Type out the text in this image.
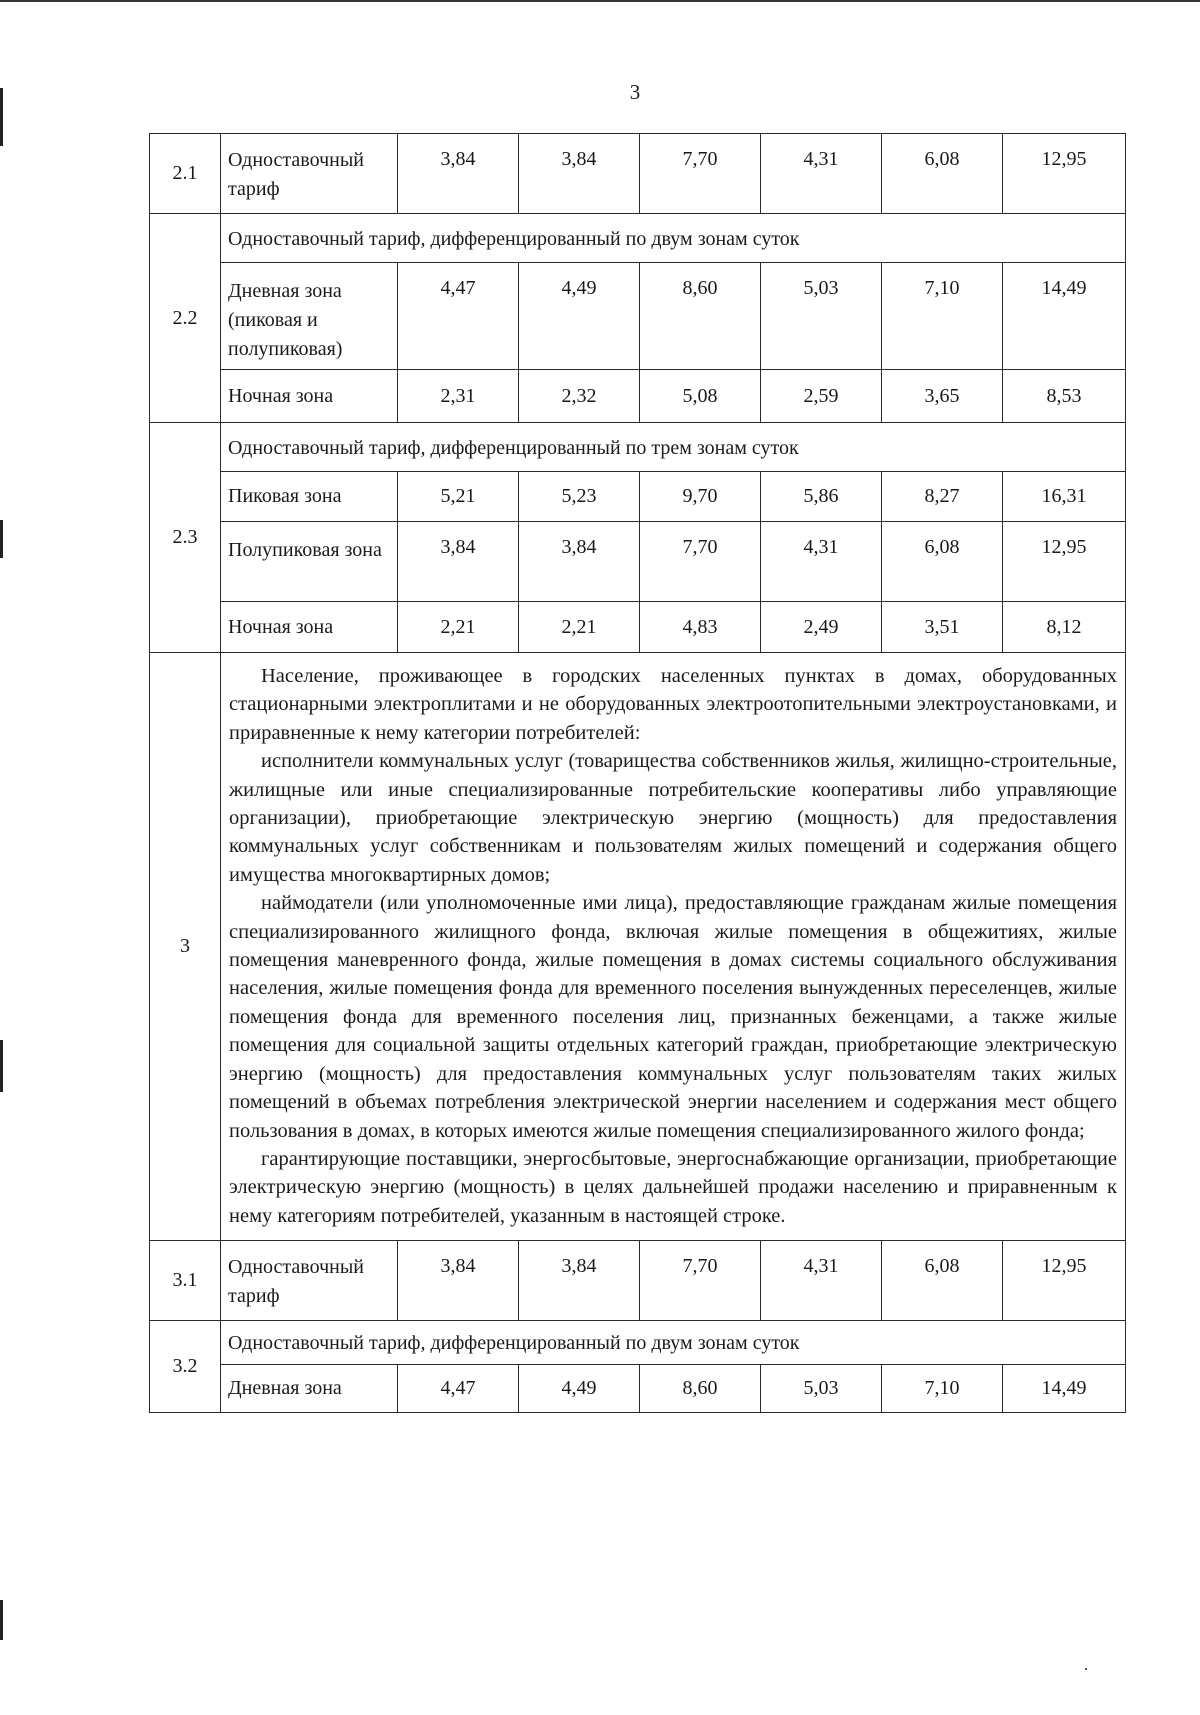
3
2.1	Одноставочный тариф	3,84	3,84	7,70	4,31	6,08	12,95
2.2	Одноставочный тариф, дифференцированный по двум зонам суток						
	Дневная зона (пиковая и полупиковая)	4,47	4,49	8,60	5,03	7,10	14,49
	Ночная зона	2,31	2,32	5,08	2,59	3,65	8,53
2.3	Одноставочный тариф, дифференцированный по трем зонам суток						
	Пиковая зона	5,21	5,23	9,70	5,86	8,27	16,31
	Полупиковая зона	3,84	3,84	7,70	4,31	6,08	12,95
	Ночная зона	2,21	2,21	4,83	2,49	3,51	8,12
3	Население, проживающее в городских населенных пунктах в домах, оборудованных стационарными электроплитами и не оборудованных электроотопительными электроустановками, и приравненные к нему категории потребителей:

исполнители коммунальных услуг (товарищества собственников жилья, жилищно-строительные, жилищные или иные специализированные потребительские кооперативы либо управляющие организации), приобретающие электрическую энергию (мощность) для предоставления коммунальных услуг собственникам и пользователям жилых помещений и содержания общего имущества многоквартирных домов;

наймодатели (или уполномоченные ими лица), предоставляющие гражданам жилые помещения специализированного жилищного фонда, включая жилые помещения в общежитиях, жилые помещения маневренного фонда, жилые помещения в домах системы социального обслуживания населения, жилые помещения фонда для временного поселения вынужденных переселенцев, жилые помещения фонда для временного поселения лиц, признанных беженцами, а также жилые помещения для социальной защиты отдельных категорий граждан, приобретающие электрическую энергию (мощность) для предоставления коммунальных услуг пользователям таких жилых помещений в объемах потребления электрической энергии населением и содержания мест общего пользования в домах, в которых имеются жилые помещения специализированного жилого фонда;

гарантирующие поставщики, энергосбытовые, энергоснабжающие организации, приобретающие электрическую энергию (мощность) в целях дальнейшей продажи населению и приравненным к нему категориям потребителей, указанным в настоящей строке.						

3.1	Одноставочный тариф	3,84	3,84	7,70	4,31	6,08	12,95
3.2	Одноставочный тариф, дифференцированный по двум зонам суток						
	Дневная зона	4,47	4,49	8,60	5,03	7,10	14,49
